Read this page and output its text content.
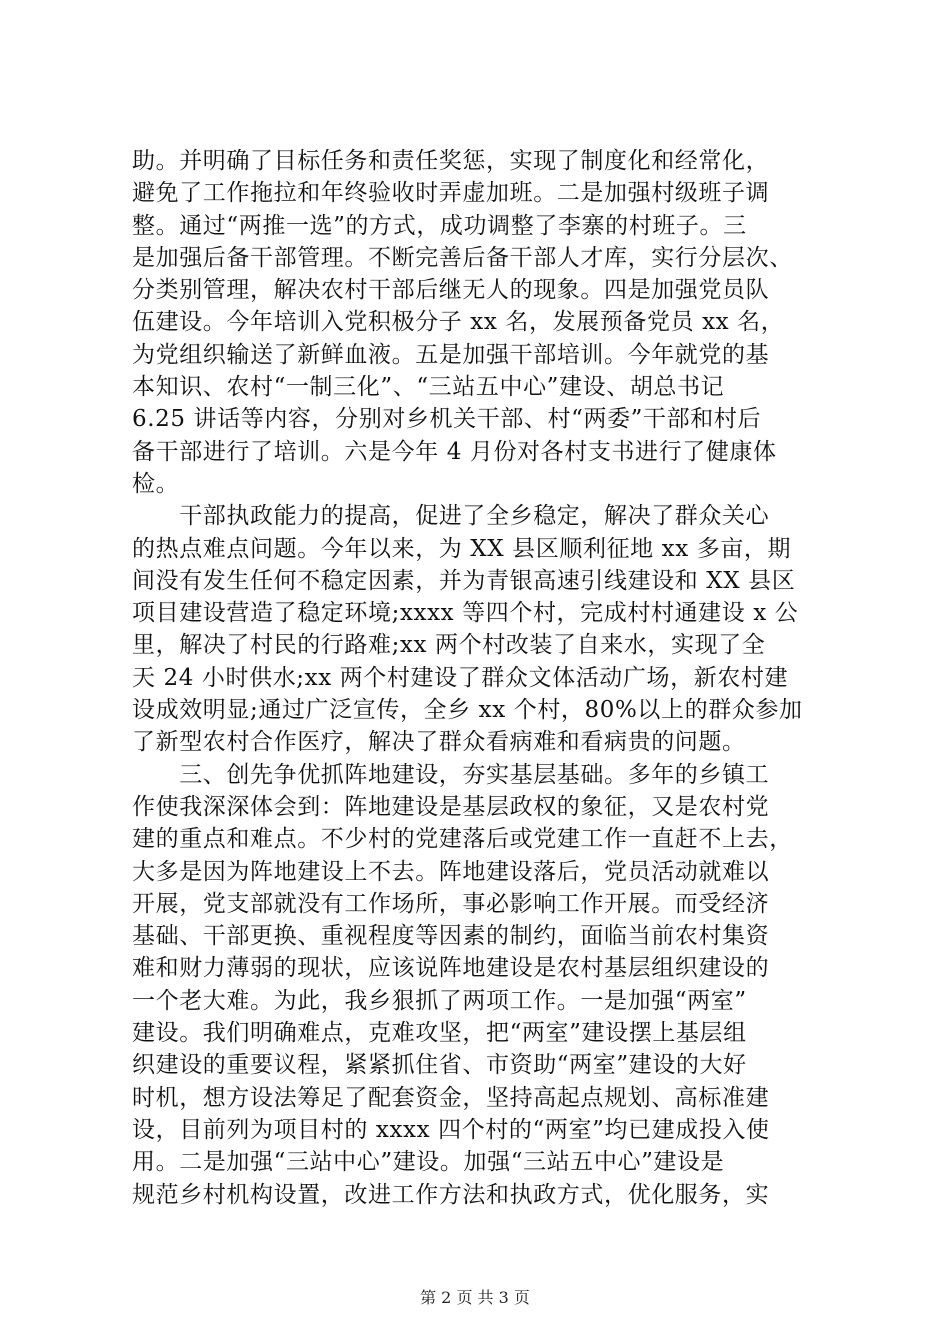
助。并明确了目标任务和责任奖惩，实现了制度化和经常化，
避免了工作拖拉和年终验收时弄虚加班。二是加强村级班子调
整。通过“两推一选”的方式，成功调整了李寨的村班子。三
是加强后备干部管理。不断完善后备干部人才库，实行分层次、
分类别管理，解决农村干部后继无人的现象。四是加强党员队
伍建设。今年培训入党积极分子 xx 名，发展预备党员 xx 名，
为党组织输送了新鲜血液。五是加强干部培训。今年就党的基
本知识、农村“一制三化”、“三站五中心”建设、胡总书记
6.25 讲话等内容，分别对乡机关干部、村“两委”干部和村后
备干部进行了培训。六是今年 4 月份对各村支书进行了健康体
检。
　　干部执政能力的提高，促进了全乡稳定，解决了群众关心
的热点难点问题。今年以来，为 XX 县区顺利征地 xx 多亩，期
间没有发生任何不稳定因素，并为青银高速引线建设和 XX 县区
项目建设营造了稳定环境;xxxx 等四个村，完成村村通建设 x 公
里，解决了村民的行路难;xx 两个村改装了自来水，实现了全
天 24 小时供水;xx 两个村建设了群众文体活动广场，新农村建
设成效明显;通过广泛宣传，全乡 xx 个村，80%以上的群众参加
了新型农村合作医疗，解决了群众看病难和看病贵的问题。
　　三、创先争优抓阵地建设，夯实基层基础。多年的乡镇工
作使我深深体会到：阵地建设是基层政权的象征，又是农村党
建的重点和难点。不少村的党建落后或党建工作一直赶不上去，
大多是因为阵地建设上不去。阵地建设落后，党员活动就难以
开展，党支部就没有工作场所，事必影响工作开展。而受经济
基础、干部更换、重视程度等因素的制约，面临当前农村集资
难和财力薄弱的现状，应该说阵地建设是农村基层组织建设的
一个老大难。为此，我乡狠抓了两项工作。一是加强“两室”
建设。我们明确难点，克难攻坚，把“两室”建设摆上基层组
织建设的重要议程，紧紧抓住省、市资助“两室”建设的大好
时机，想方设法筹足了配套资金，坚持高起点规划、高标准建
设，目前列为项目村的 xxxx 四个村的“两室”均已建成投入使
用。二是加强“三站中心”建设。加强“三站五中心”建设是
规范乡村机构设置，改进工作方法和执政方式，优化服务，实
第 2 页 共 3 页
